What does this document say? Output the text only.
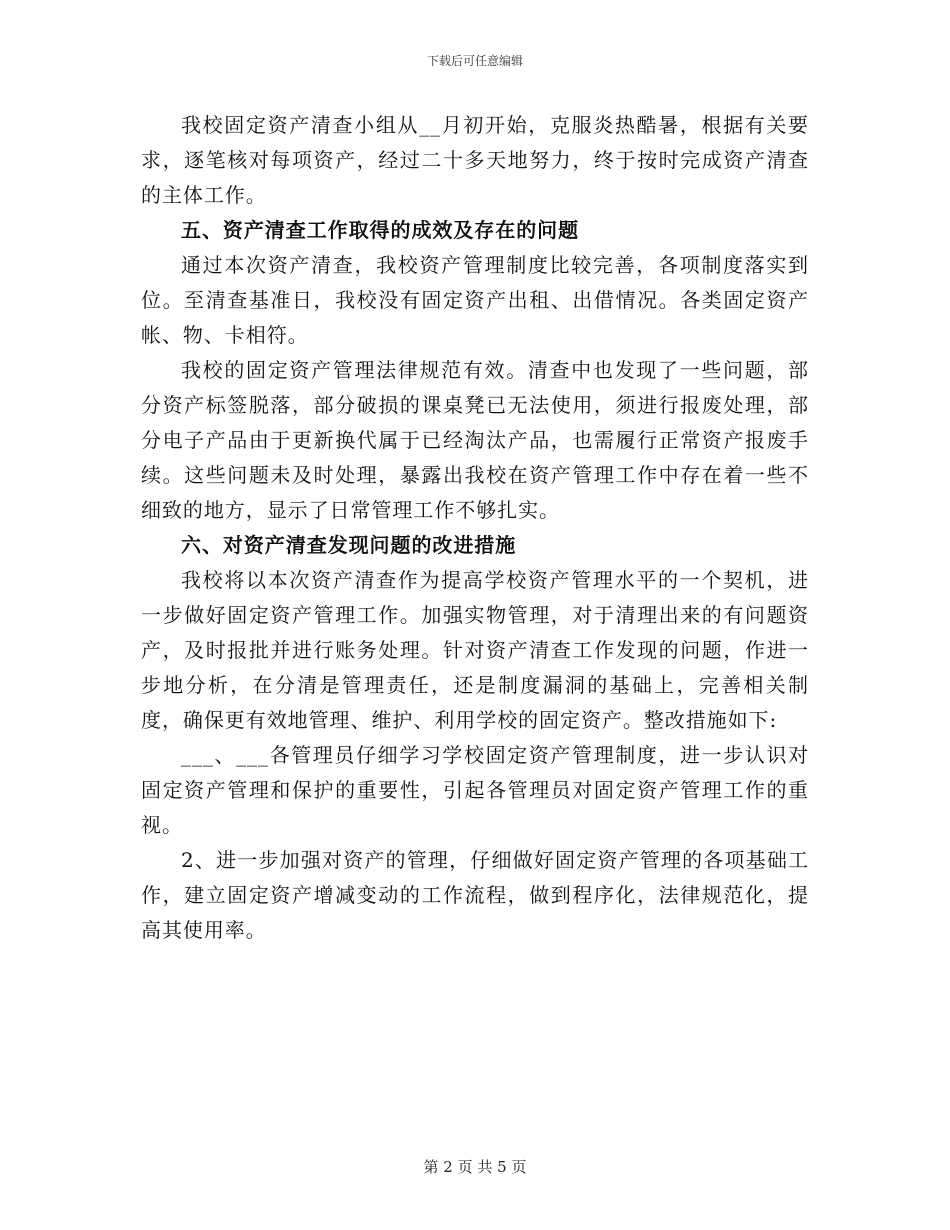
下载后可任意编辑

我校固定资产清查小组从__月初开始，克服炎热酷暑，根据有关要求，逐笔核对每项资产，经过二十多天地努力，终于按时完成资产清查的主体工作。

五、资产清查工作取得的成效及存在的问题

通过本次资产清查，我校资产管理制度比较完善，各项制度落实到位。至清查基准日，我校没有固定资产出租、出借情况。各类固定资产帐、物、卡相符。

我校的固定资产管理法律规范有效。清查中也发现了一些问题，部分资产标签脱落，部分破损的课桌凳已无法使用，须进行报废处理，部分电子产品由于更新换代属于已经淘汰产品，也需履行正常资产报废手续。这些问题未及时处理，暴露出我校在资产管理工作中存在着一些不细致的地方，显示了日常管理工作不够扎实。

六、对资产清查发现问题的改进措施

我校将以本次资产清查作为提高学校资产管理水平的一个契机，进一步做好固定资产管理工作。加强实物管理，对于清理出来的有问题资产，及时报批并进行账务处理。针对资产清查工作发现的问题，作进一步地分析，在分清是管理责任，还是制度漏洞的基础上，完善相关制度，确保更有效地管理、维护、利用学校的固定资产。整改措施如下:

___、___各管理员仔细学习学校固定资产管理制度，进一步认识对固定资产管理和保护的重要性，引起各管理员对固定资产管理工作的重视。

2、进一步加强对资产的管理，仔细做好固定资产管理的各项基础工作，建立固定资产增减变动的工作流程，做到程序化，法律规范化，提高其使用率。

第 2 页 共 5 页
